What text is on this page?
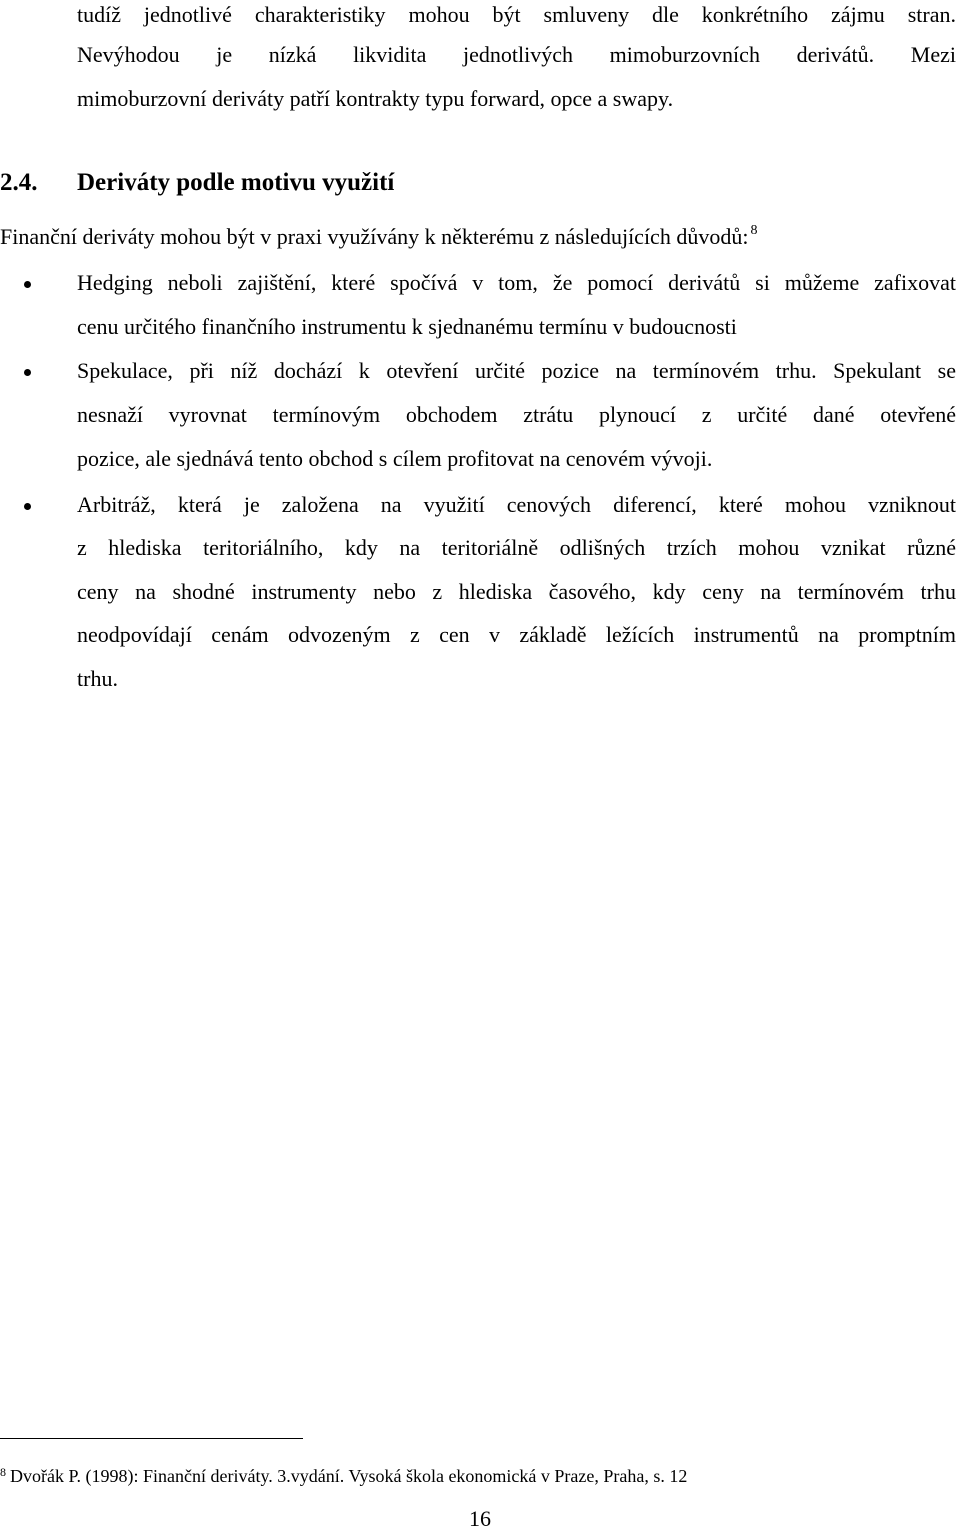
tudíž jednotlivé charakteristiky mohou být smluveny dle konkrétního zájmu stran.
Nevýhodou je nízká likvidita jednotlivých mimoburzovních derivátů. Mezi
mimoburzovní deriváty patří kontrakty typu forward, opce a swapy.
2.4. Deriváty podle motivu využití
Finanční deriváty mohou být v praxi využívány k některému z následujících důvodů: $^8$
Hedging neboli zajištění, které spočívá v tom, že pomocí derivátů si můžeme zafixovat
cenu určitého finančního instrumentu k sjednanému termínu v budoucnosti
Spekulace, při níž dochází k otevření určité pozice na termínovém trhu. Spekulant se
nesnaží vyrovnat termínovým obchodem ztrátu plynoucí z určité dané otevřené
pozice, ale sjednává tento obchod s cílem profitovat na cenovém vývoji.
Arbitráž, která je založena na využití cenových diferencí, které mohou vzniknout
z hlediska teritoriálního, kdy na teritoriálně odlišných trzích mohou vznikat různé
ceny na shodné instrumenty nebo z hlediska časového, kdy ceny na termínovém trhu
neodpovídají cenám odvozeným z cen v základě ležících instrumentů na promptním
trhu.
$^8$ Dvořák P. (1998): Finanční deriváty. 3.vydání. Vysoká škola ekonomická v Praze, Praha, s. 12
16
